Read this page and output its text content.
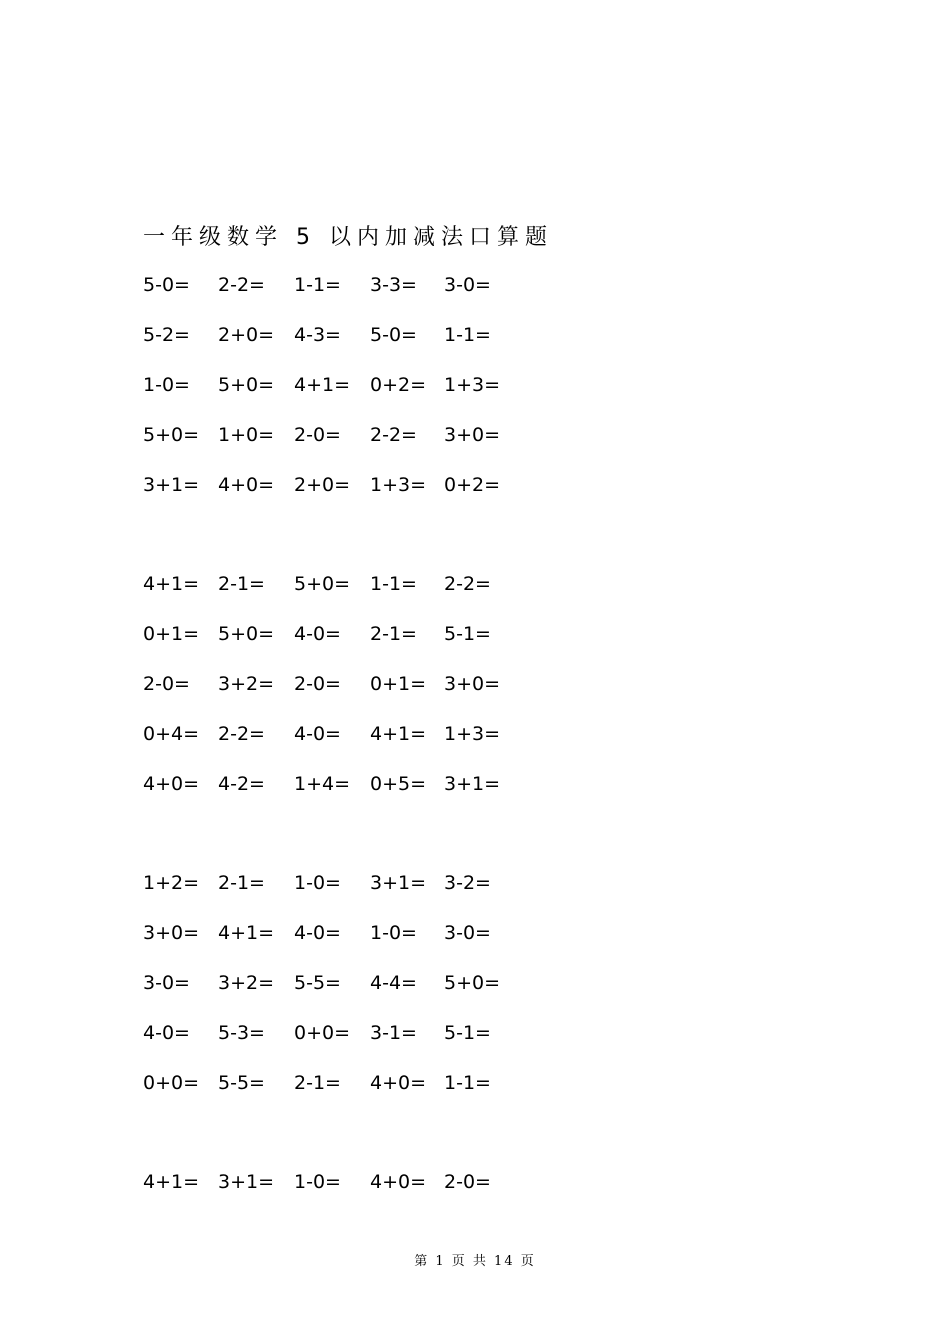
一年级数学 5 以内加减法口算题
5-0= 2-2= 1-1= 3-3= 3-0=
5-2= 2+0= 4-3= 5-0= 1-1=
1-0= 5+0= 4+1= 0+2= 1+3=
5+0= 1+0= 2-0= 2-2= 3+0=
3+1= 4+0= 2+0= 1+3= 0+2=
4+1= 2-1= 5+0= 1-1= 2-2=
0+1= 5+0= 4-0= 2-1= 5-1=
2-0= 3+2= 2-0= 0+1= 3+0=
0+4= 2-2= 4-0= 4+1= 1+3=
4+0= 4-2= 1+4= 0+5= 3+1=
1+2= 2-1= 1-0= 3+1= 3-2=
3+0= 4+1= 4-0= 1-0= 3-0=
3-0= 3+2= 5-5= 4-4= 5+0=
4-0= 5-3= 0+0= 3-1= 5-1=
0+0= 5-5= 2-1= 4+0= 1-1=
4+1= 3+1= 1-0= 4+0= 2-0=
第 1 页 共 14 页
